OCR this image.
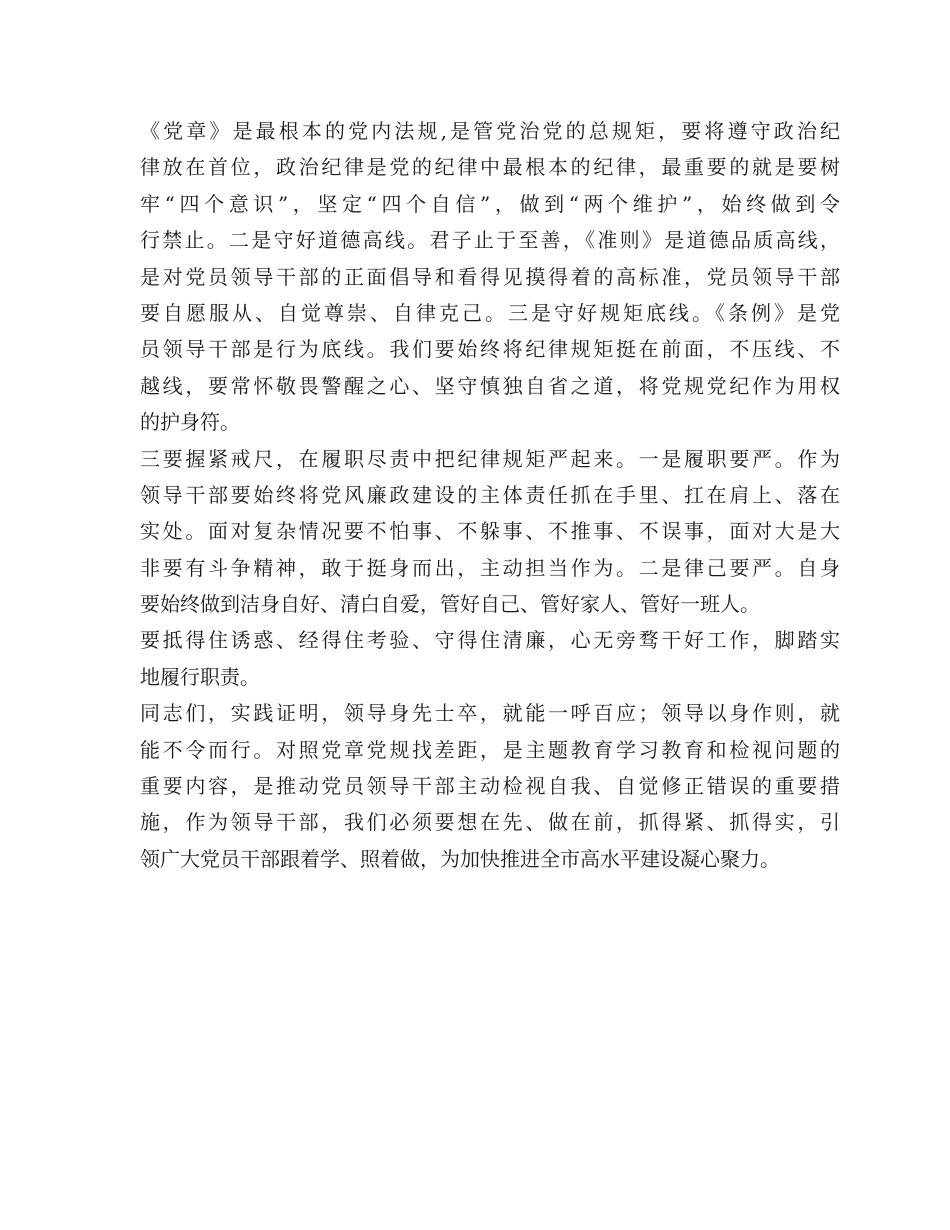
《党章》是最根本的党内法规,是管党治党的总规矩，要将遵守政治纪
律放在首位，政治纪律是党的纪律中最根本的纪律，最重要的就是要树
牢“四个意识”，坚定“四个自信”，做到“两个维护”，始终做到令
行禁止。二是守好道德高线。君子止于至善，《准则》是道德品质高线，
是对党员领导干部的正面倡导和看得见摸得着的高标准，党员领导干部
要自愿服从、自觉尊崇、自律克己。三是守好规矩底线。《条例》是党
员领导干部是行为底线。我们要始终将纪律规矩挺在前面，不压线、不
越线，要常怀敬畏警醒之心、坚守慎独自省之道，将党规党纪作为用权
的护身符。
三要握紧戒尺，在履职尽责中把纪律规矩严起来。一是履职要严。作为
领导干部要始终将党风廉政建设的主体责任抓在手里、扛在肩上、落在
实处。面对复杂情况要不怕事、不躲事、不推事、不误事，面对大是大
非要有斗争精神，敢于挺身而出，主动担当作为。二是律己要严。自身
要始终做到洁身自好、清白自爱，管好自己、管好家人、管好一班人。
要抵得住诱惑、经得住考验、守得住清廉，心无旁骛干好工作，脚踏实
地履行职责。
同志们，实践证明，领导身先士卒，就能一呼百应；领导以身作则，就
能不令而行。对照党章党规找差距，是主题教育学习教育和检视问题的
重要内容，是推动党员领导干部主动检视自我、自觉修正错误的重要措
施，作为领导干部，我们必须要想在先、做在前，抓得紧、抓得实，引
领广大党员干部跟着学、照着做，为加快推进全市高水平建设凝心聚力。
